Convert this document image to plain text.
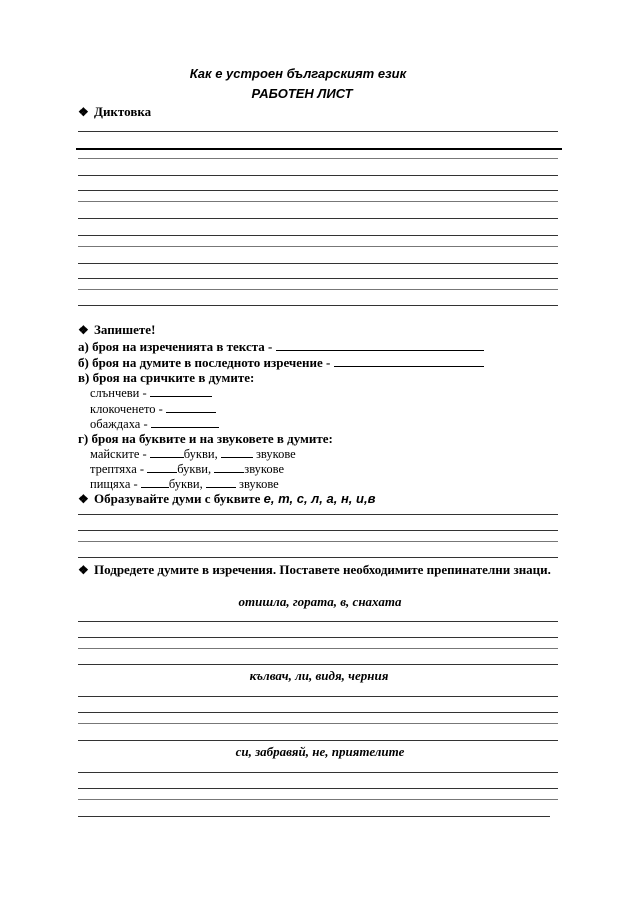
Как е устроен българският език
РАБОТЕН ЛИСТ
❖ Диктовка
❖ Запишете!
а) броя на изреченията в текста -
б) броя на думите в последното изречение -
в) броя на сричките в думите:
слънчеви -
клокоченето -
обаждаха -
г) броя на буквите и на звуковете в думите:
майските -	букви,	звукове
трептяха -	букви,	звукове
пищяха - букви,	звукове
❖ Образувайте думи с буквите е, т, с, л, а, н, и,в
❖ Подредете думите в изречения. Поставете необходимите препинателни знаци.
отишла, гората, в, снахата
кълвач, ли, видя, черния
си, забравяй, не, приятелите
